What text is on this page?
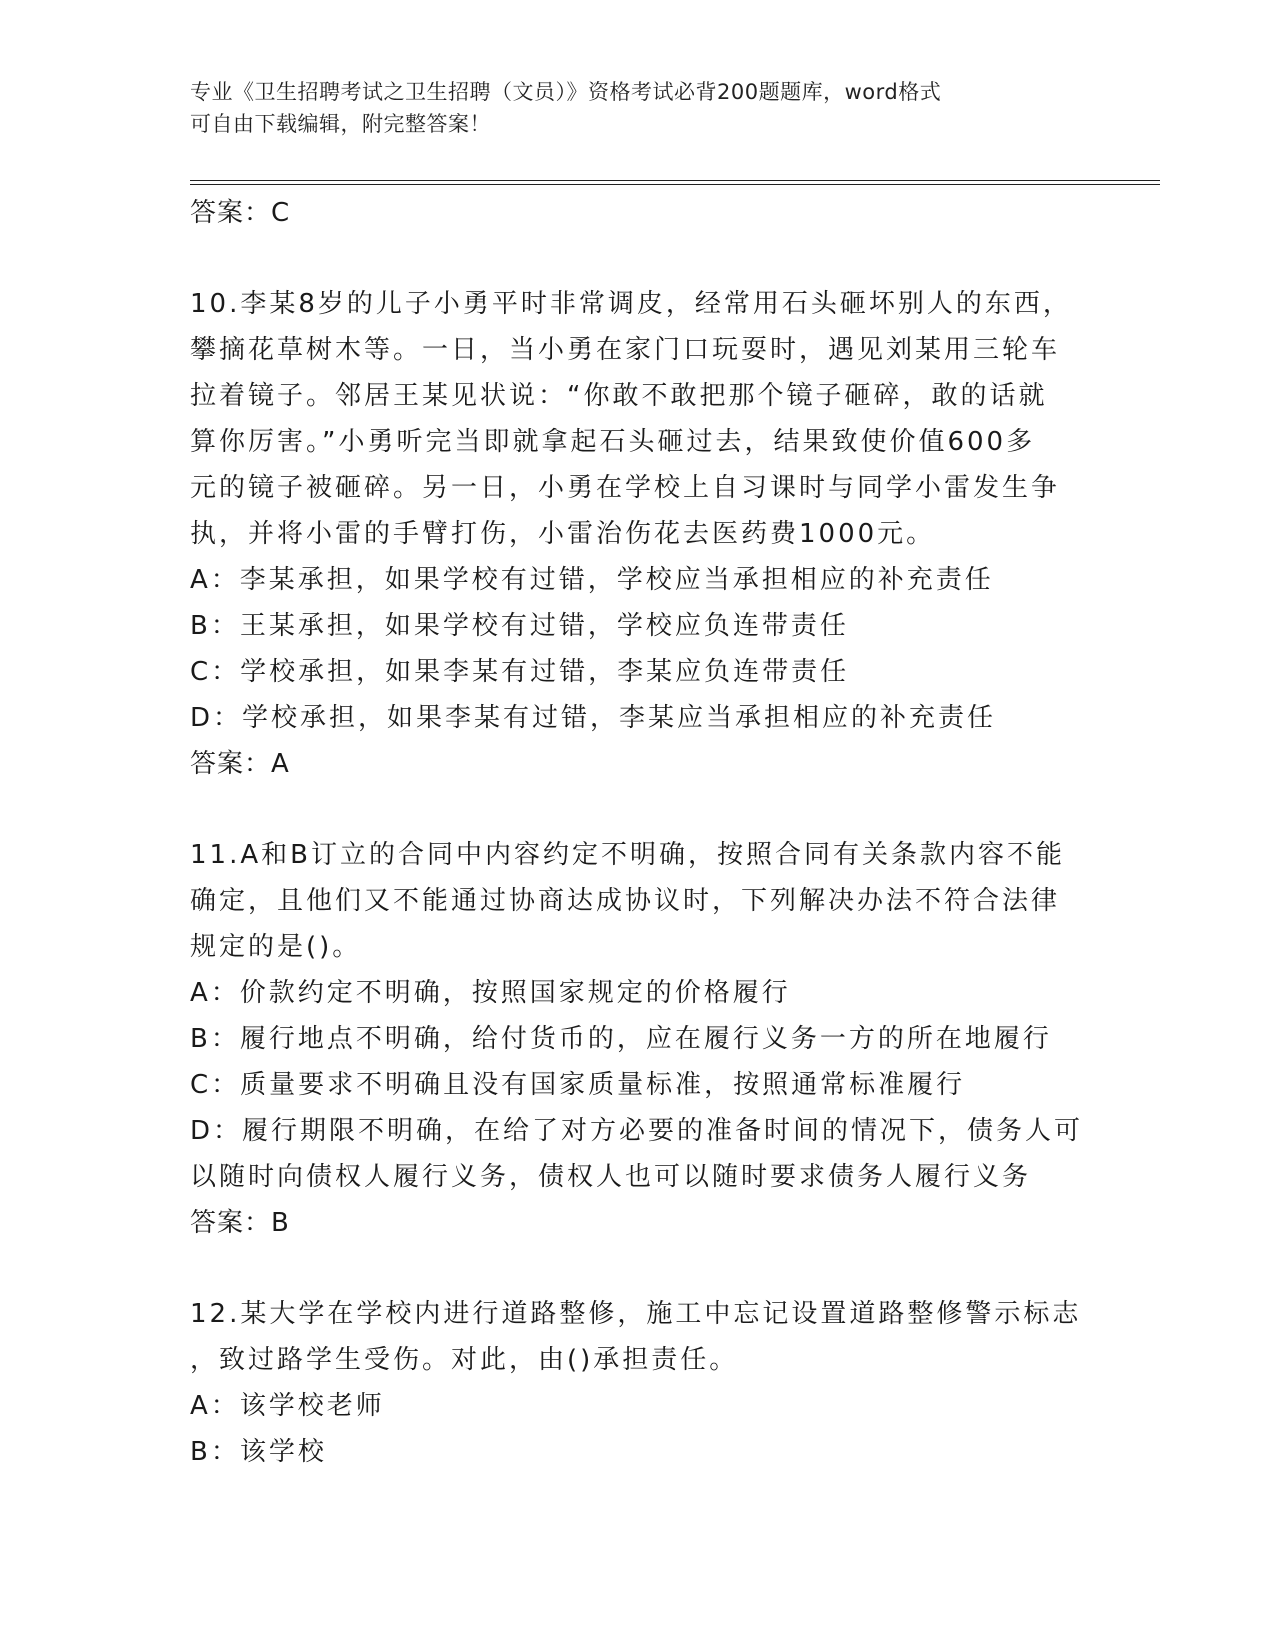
专业《卫生招聘考试之卫生招聘（文员）》资格考试必背200题题库，word格式
可自由下载编辑，附完整答案！
答案：C
10.李某8岁的儿子小勇平时非常调皮，经常用石头砸坏别人的东西，
攀摘花草树木等。一日，当小勇在家门口玩耍时，遇见刘某用三轮车
拉着镜子。邻居王某见状说：“你敢不敢把那个镜子砸碎，敢的话就
算你厉害。”小勇听完当即就拿起石头砸过去，结果致使价值600多
元的镜子被砸碎。另一日，小勇在学校上自习课时与同学小雷发生争
执，并将小雷的手臂打伤，小雷治伤花去医药费1000元。
A：李某承担，如果学校有过错，学校应当承担相应的补充责任
B：王某承担，如果学校有过错，学校应负连带责任
C：学校承担，如果李某有过错，李某应负连带责任
D：学校承担，如果李某有过错，李某应当承担相应的补充责任
答案：A
11.A和B订立的合同中内容约定不明确，按照合同有关条款内容不能
确定，且他们又不能通过协商达成协议时，下列解决办法不符合法律
规定的是()。
A：价款约定不明确，按照国家规定的价格履行
B：履行地点不明确，给付货币的，应在履行义务一方的所在地履行
C：质量要求不明确且没有国家质量标准，按照通常标准履行
D：履行期限不明确，在给了对方必要的准备时间的情况下，债务人可
以随时向债权人履行义务，债权人也可以随时要求债务人履行义务
答案：B
12.某大学在学校内进行道路整修，施工中忘记设置道路整修警示标志
，致过路学生受伤。对此，由()承担责任。
A：该学校老师
B：该学校
